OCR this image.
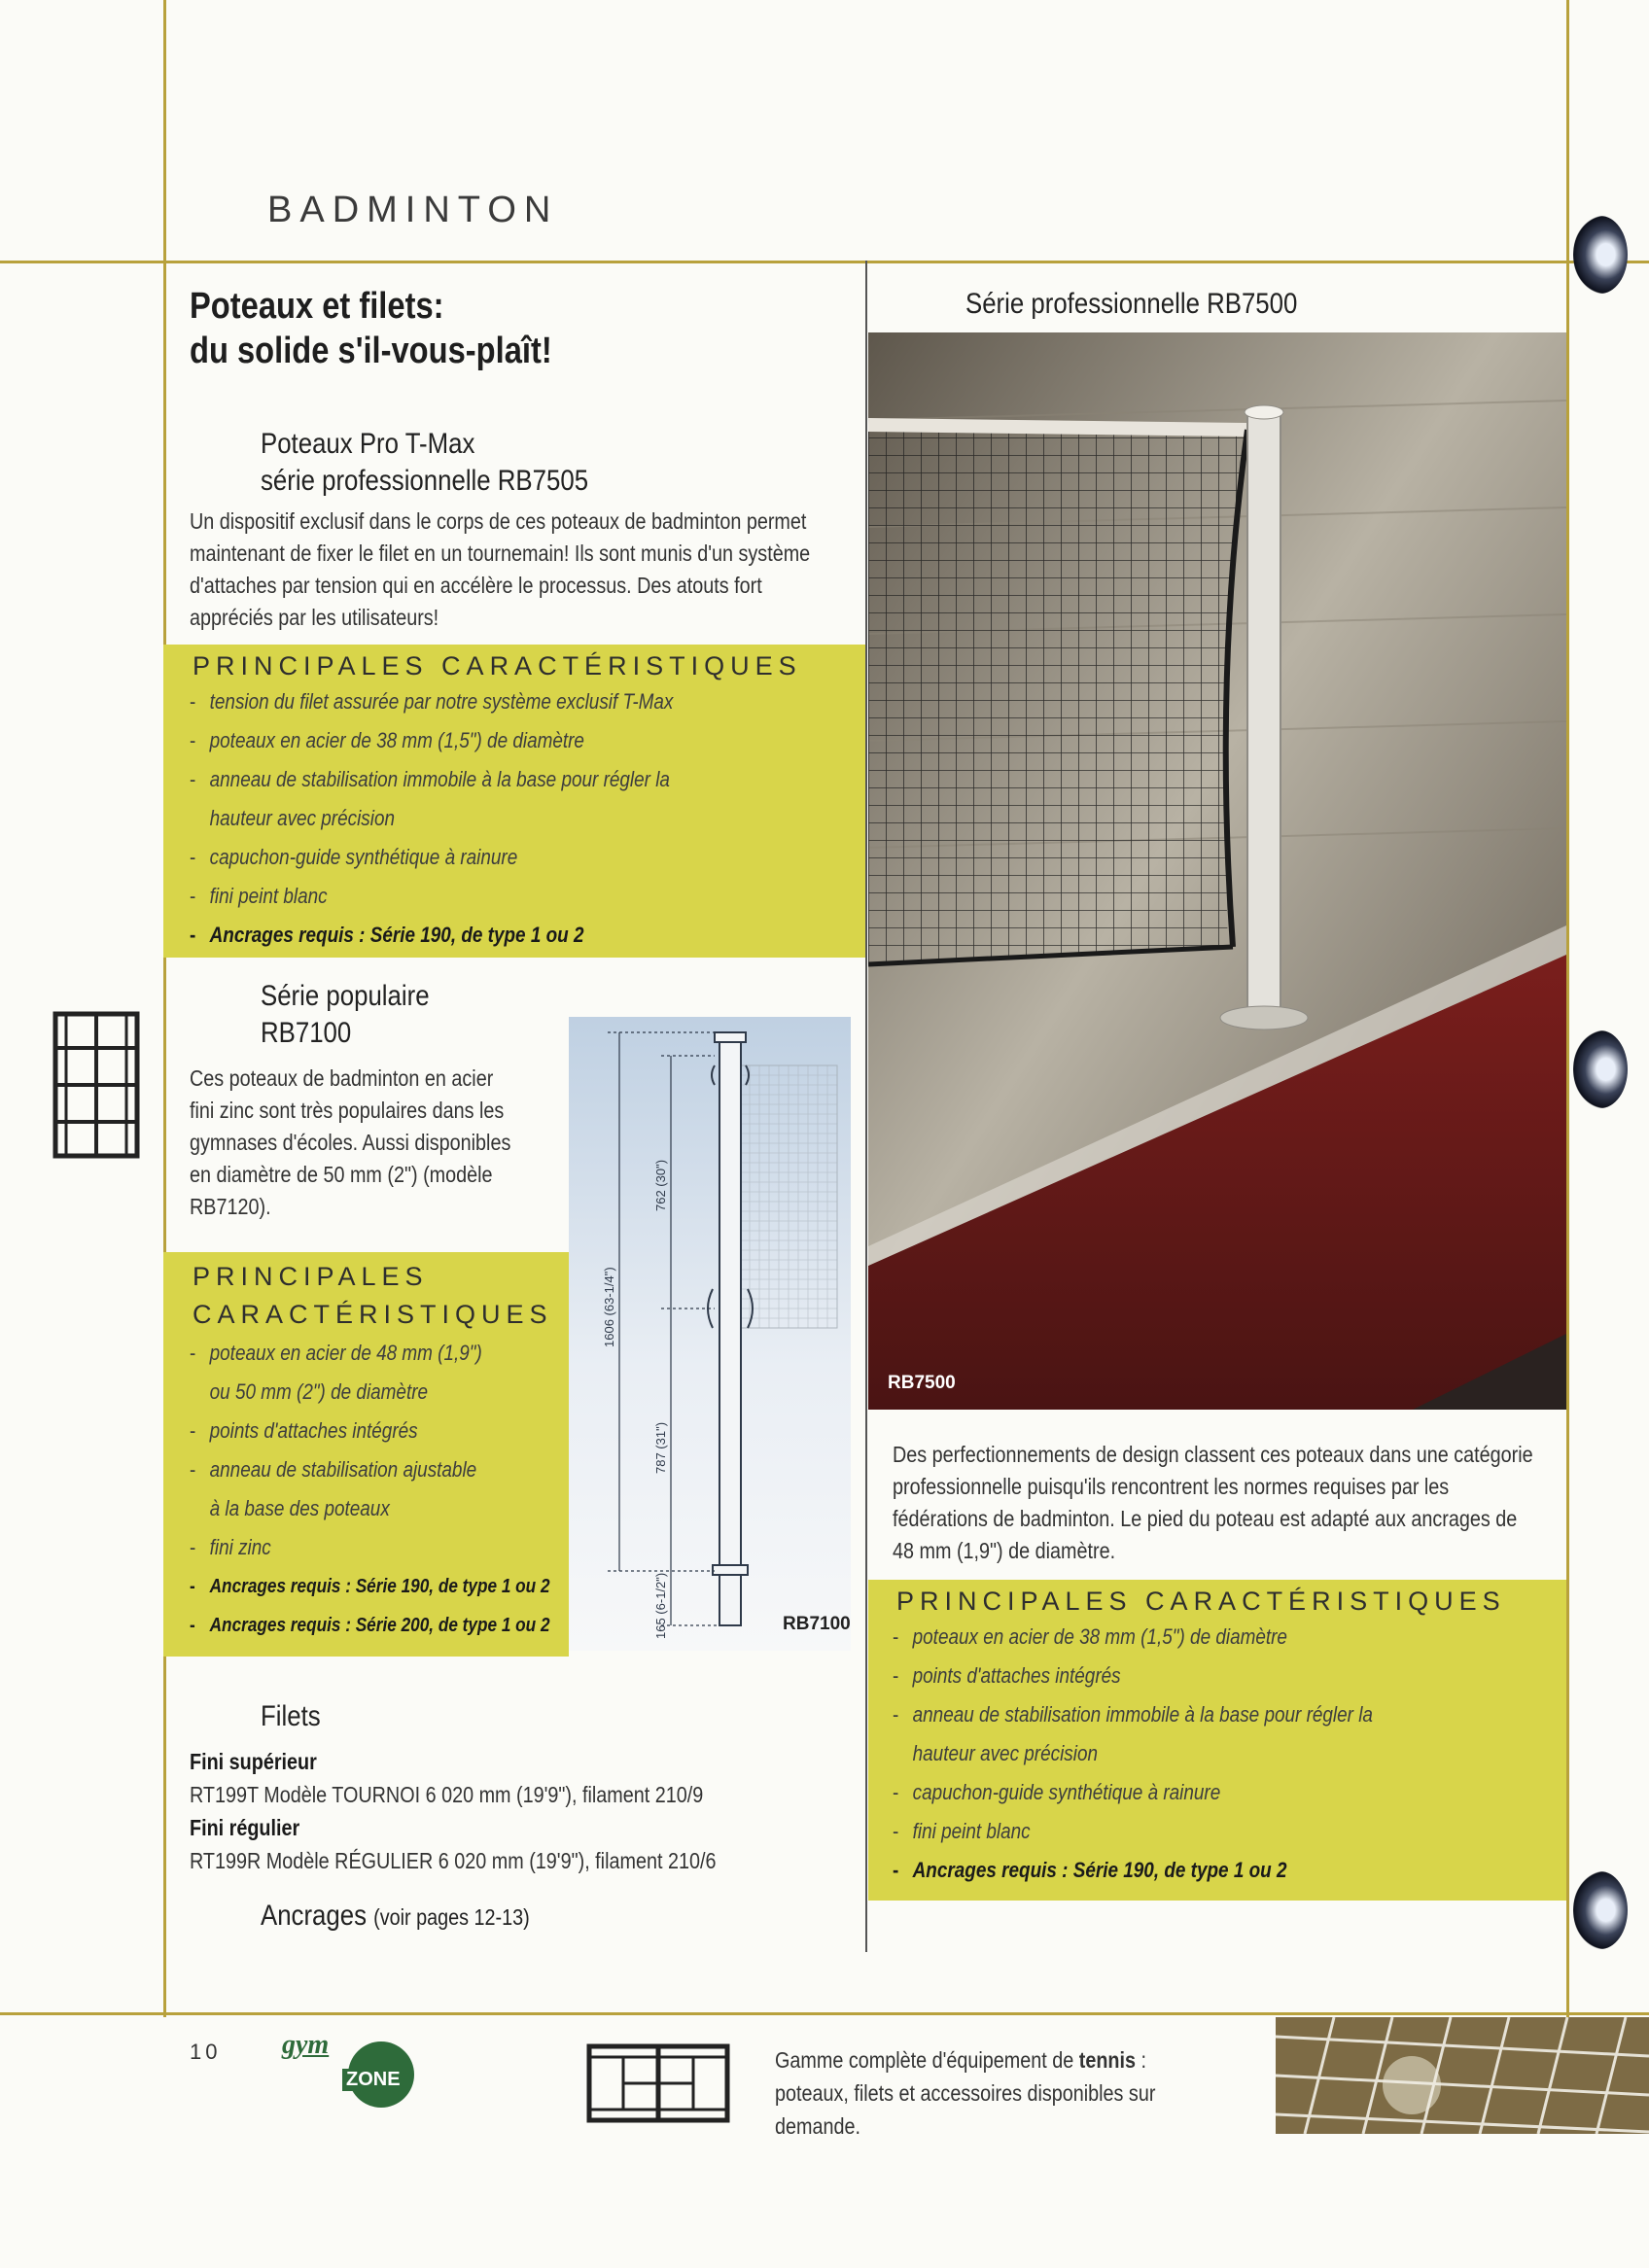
BADMINTON
Poteaux et filets:
du solide s'il-vous-plaît!
Poteaux Pro T-Max
série professionnelle RB7505
Un dispositif exclusif dans le corps de ces poteaux de badminton permet maintenant de fixer le filet en un tournemain! Ils sont munis d'un système d'attaches par tension qui en accélère le processus. Des atouts fort appréciés par les utilisateurs!
PRINCIPALES CARACTÉRISTIQUES
- tension du filet assurée par notre système exclusif T-Max
- poteaux en acier de 38 mm (1,5") de diamètre
- anneau de stabilisation immobile à la base pour régler la
hauteur avec précision
- capuchon-guide synthétique à rainure
- fini peint blanc
- Ancrages requis : Série 190, de type 1 ou 2
Série populaire
RB7100
Ces poteaux de badminton en acier fini zinc sont très populaires dans les gymnases d'écoles. Aussi disponibles en diamètre de 50 mm (2") (modèle RB7120).
PRINCIPALES
CARACTÉRISTIQUES
- poteaux en acier de 48 mm (1,9")
ou 50 mm (2") de diamètre
- points d'attaches intégrés
- anneau de stabilisation ajustable
à la base des poteaux
- fini zinc
- Ancrages requis : Série 190, de type 1 ou 2
- Ancrages requis : Série 200, de type 1 ou 2
1606 (63-1/4")
762 (30")
787 (31")
165 (6-1/2")	RB7100
Série professionnelle RB7500
RB7500
Des perfectionnements de design classent ces poteaux dans une catégorie professionnelle puisqu'ils rencontrent les normes requises par les fédérations de badminton. Le pied du poteau est adapté aux ancrages de 48 mm (1,9") de diamètre.
PRINCIPALES CARACTÉRISTIQUES
- poteaux en acier de 38 mm (1,5") de diamètre
- points d'attaches intégrés
- anneau de stabilisation immobile à la base pour régler la
hauteur avec précision
- capuchon-guide synthétique à rainure
- fini peint blanc
- Ancrages requis : Série 190, de type 1 ou 2
Filets
Fini supérieur
RT199T Modèle TOURNOI 6 020 mm (19'9"), filament 210/9
Fini régulier
RT199R Modèle RÉGULIER 6 020 mm (19'9"), filament 210/6
Ancrages (voir pages 12-13)
10 gym
ZONE
Gamme complète d'équipement de tennis :
poteaux, filets et accessoires disponibles sur demande.
